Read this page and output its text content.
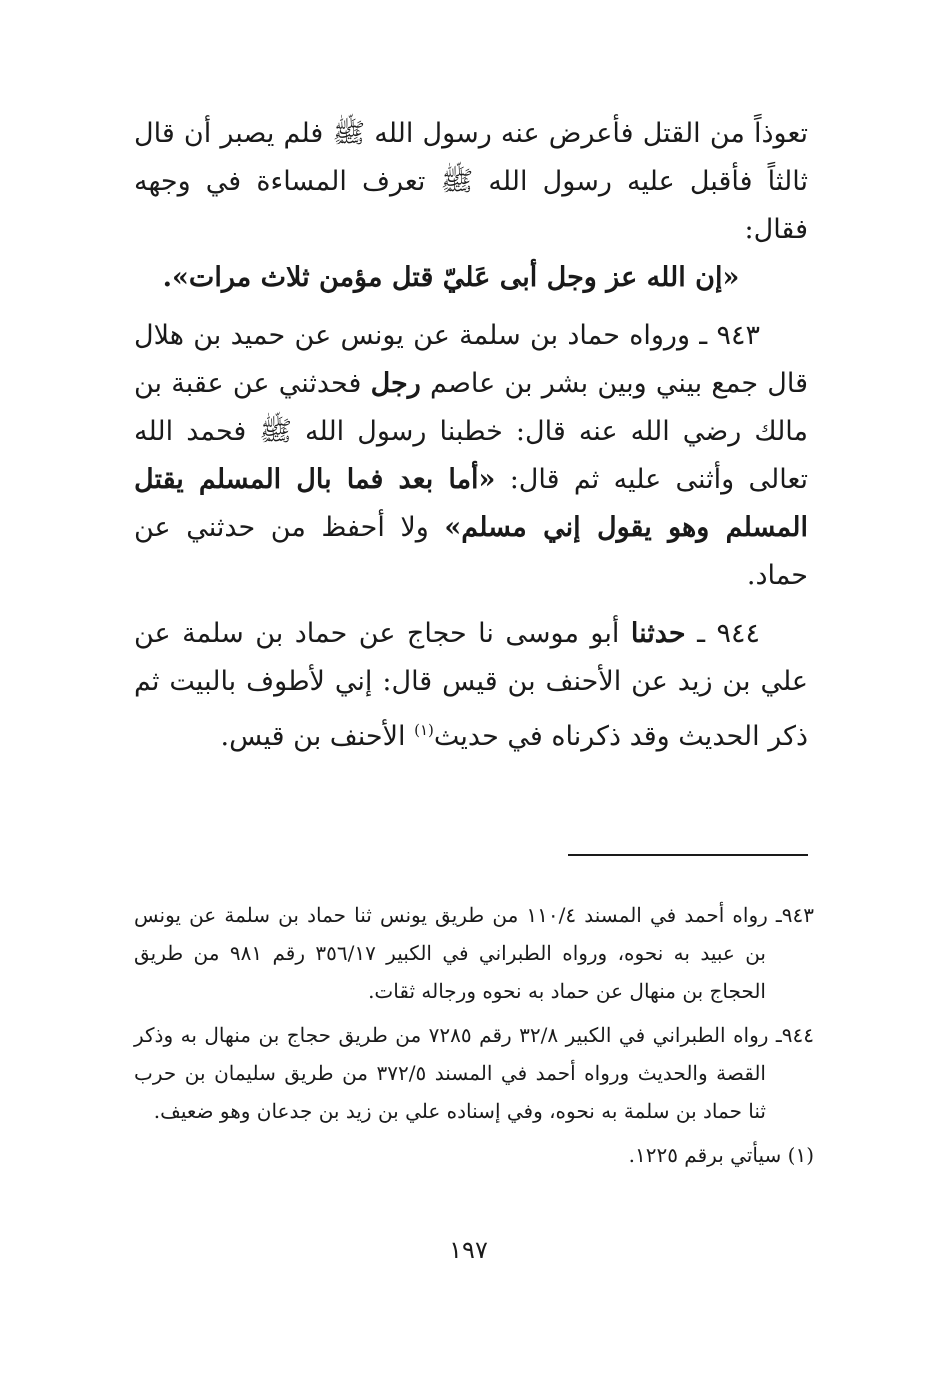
تعوذاً من القتل فأعرض عنه رسول الله ﷺ فلم يصبر أن قال ثالثاً فأقبل عليه رسول الله ﷺ تعرف المساءة في وجهه فقال:

«إن الله عز وجل أبى عَليّ قتل مؤمن ثلاث مرات».

٩٤٣ ـ ورواه حماد بن سلمة عن يونس عن حميد بن هلال قال جمع بيني وبين بشر بن عاصم رجل فحدثني عن عقبة بن مالك رضي الله عنه قال: خطبنا رسول الله ﷺ فحمد الله تعالى وأثنى عليه ثم قال: «أما بعد فما بال المسلم يقتل المسلم وهو يقول إني مسلم» ولا أحفظ من حدثني عن حماد.

٩٤٤ ـ حدثنا أبو موسى نا حجاج عن حماد بن سلمة عن علي بن زيد عن الأحنف بن قيس قال: إني لأطوف بالبيت ثم ذكر الحديث وقد ذكرناه في حديث$^{(١)}$ الأحنف بن قيس.

٩٤٣ـ رواه أحمد في المسند ١١٠/٤ من طريق يونس ثنا حماد بن سلمة عن يونس بن عبيد به نحوه، ورواه الطبراني في الكبير ٣٥٦/١٧ رقم ٩٨١ من طريق الحجاج بن منهال عن حماد به نحوه ورجاله ثقات.

٩٤٤ـ رواه الطبراني في الكبير ٣٢/٨ رقم ٧٢٨٥ من طريق حجاج بن منهال به وذكر القصة والحديث ورواه أحمد في المسند ٣٧٢/٥ من طريق سليمان بن حرب ثنا حماد بن سلمة به نحوه، وفي إسناده علي بن زيد بن جدعان وهو ضعيف.

(١) سيأتي برقم ١٢٢٥.

١٩٧
